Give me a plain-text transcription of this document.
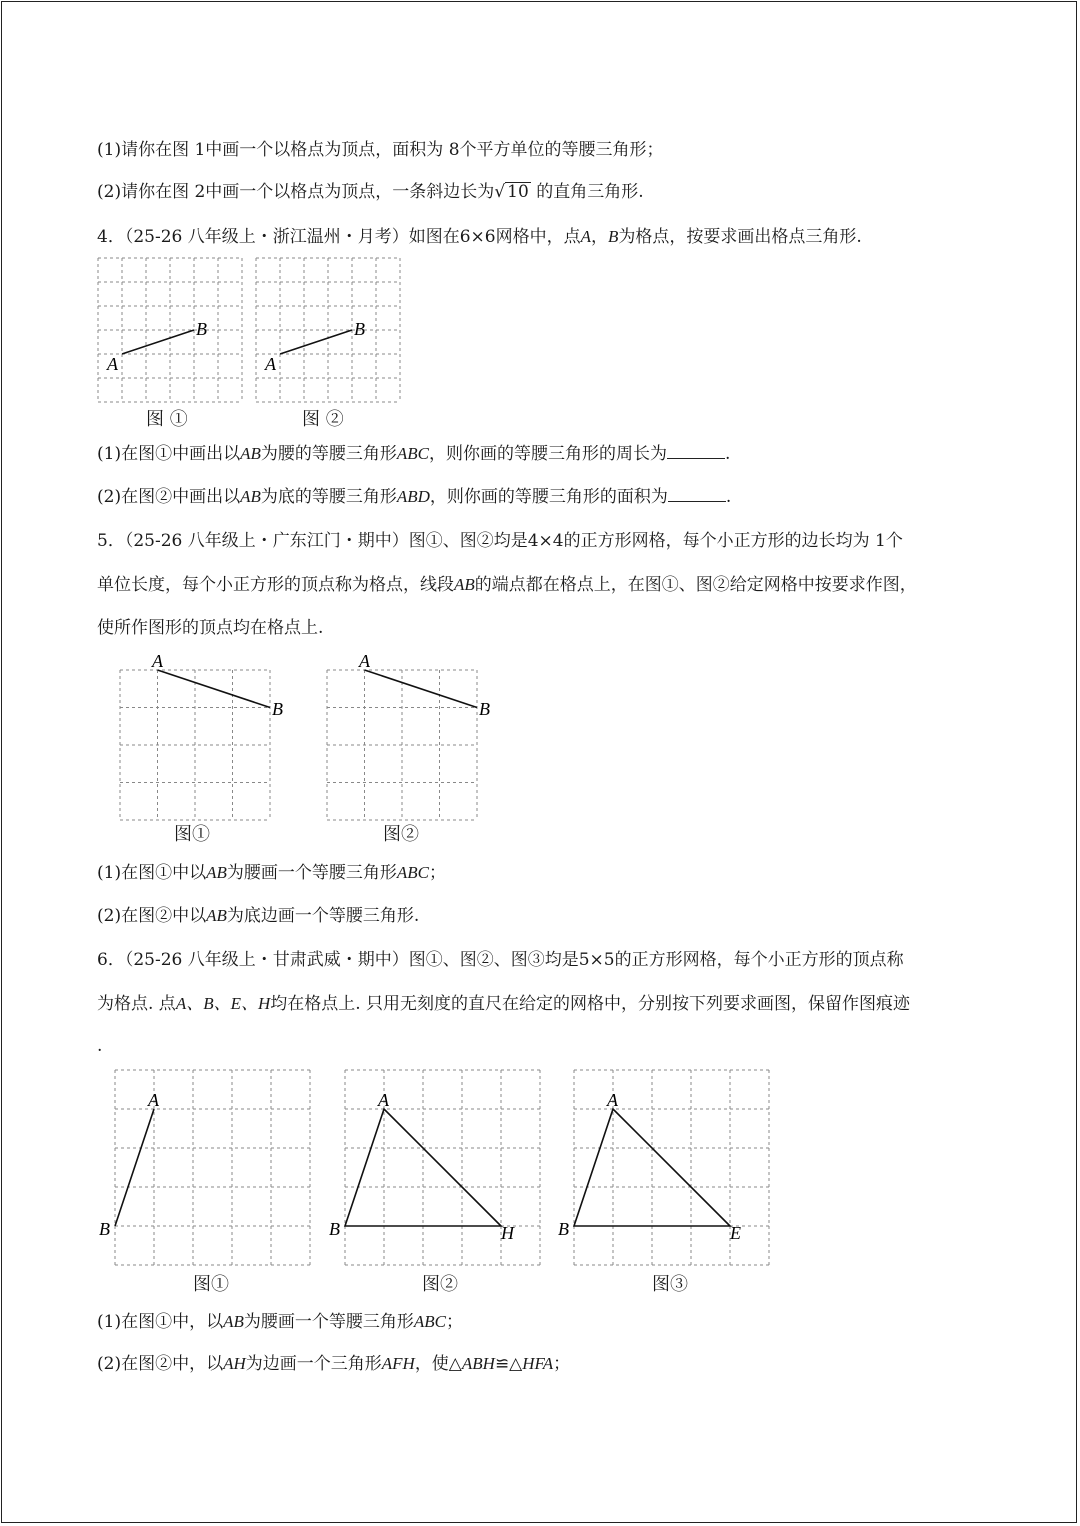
(1)请你在图 1中画一个以格点为顶点，面积为 8个平方单位的等腰三角形；
(2)请你在图 2中画一个以格点为顶点，一条斜边长为√ 10 的直角三角形.
4．（25-26 八年级上・浙江温州・月考）如图在6×6网格中，点A，B为格点，按要求画出格点三角形.
A
B
A
B
图 ①	图 ②
(1)在图①中画出以AB为腰的等腰三角形ABC，则你画的等腰三角形的周长为	.
(2)在图②中画出以AB为底的等腰三角形ABD，则你画的等腰三角形的面积为	.
5．（25-26 八年级上・广东江门・期中）图①、图②均是4×4的正方形网格，每个小正方形的边长均为 1个
单位长度，每个小正方形的顶点称为格点，线段AB的端点都在格点上，在图①、图②给定网格中按要求作图，
使所作图形的顶点均在格点上.
A
B
A
B
图①	图②
(1)在图①中以AB为腰画一个等腰三角形ABC；
(2)在图②中以AB为底边画一个等腰三角形.
6．（25-26 八年级上・甘肃武威・期中）图①、图②、图③均是5×5的正方形网格，每个小正方形的顶点称
为格点. 点A、B、E、H均在格点上. 只用无刻度的直尺在给定的网格中，分别按下列要求画图，保留作图痕迹
.
A
B
A
B	H
A
B	E
图①	图②	图③
(1)在图①中，以AB为腰画一个等腰三角形ABC；
(2)在图②中，以AH为边画一个三角形AFH，使△ABH≌△HFA；
